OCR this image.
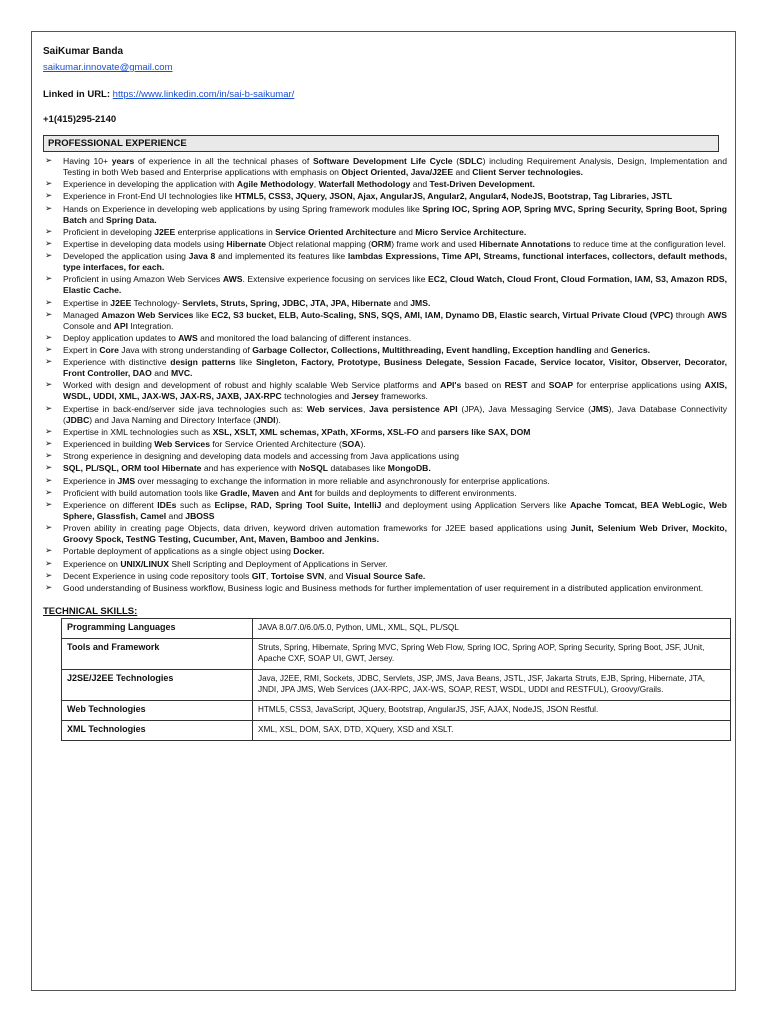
SaiKumar Banda

saikumar.innovate@gmail.com

Linked in URL: https://www.linkedin.com/in/sai-b-saikumar/

+1(415)295-2140

PROFESSIONAL EXPERIENCE
➢ Having 10+ years of experience in all the technical phases of Software Development Life Cycle (SDLC) including Requirement Analysis, Design, Implementation and Testing in both Web based and Enterprise applications with emphasis on Object Oriented, Java/J2EE and Client Server technologies.
➢ Experience in developing the application with Agile Methodology, Waterfall Methodology and Test-Driven Development.
➢ Experience in Front-End UI technologies like HTML5, CSS3, JQuery, JSON, Ajax, AngularJS, Angular2, Angular4, NodeJS, Bootstrap, Tag Libraries, JSTL
➢ Hands on Experience in developing web applications by using Spring framework modules like Spring IOC, Spring AOP, Spring MVC, Spring Security, Spring Boot, Spring Batch and Spring Data.
➢ Proficient in developing J2EE enterprise applications in Service Oriented Architecture and Micro Service Architecture.
➢ Expertise in developing data models using Hibernate Object relational mapping (ORM) frame work and used Hibernate Annotations to reduce time at the configuration level.
➢ Developed the application using Java 8 and implemented its features like lambdas Expressions, Time API, Streams, functional interfaces, collectors, default methods, type interfaces, for each.
➢ Proficient in using Amazon Web Services AWS. Extensive experience focusing on services like EC2, Cloud Watch, Cloud Front, Cloud Formation, IAM, S3, Amazon RDS, Elastic Cache.
➢ Expertise in J2EE Technology- Servlets, Struts, Spring, JDBC, JTA, JPA, Hibernate and JMS.
➢ Managed Amazon Web Services like EC2, S3 bucket, ELB, Auto-Scaling, SNS, SQS, AMI, IAM, Dynamo DB, Elastic search, Virtual Private Cloud (VPC) through AWS Console and API Integration.
➢ Deploy application updates to AWS and monitored the load balancing of different instances.
➢ Expert in Core Java with strong understanding of Garbage Collector, Collections, Multithreading, Event handling, Exception handling and Generics.
➢ Experience with distinctive design patterns like Singleton, Factory, Prototype, Business Delegate, Session Facade, Service locator, Visitor, Observer, Decorator, Front Controller, DAO and MVC.
➢ Worked with design and development of robust and highly scalable Web Service platforms and API's based on REST and SOAP for enterprise applications using AXIS, WSDL, UDDI, XML, JAX-WS, JAX-RS, JAXB, JAX-RPC technologies and Jersey frameworks.
➢ Expertise in back-end/server side java technologies such as: Web services, Java persistence API (JPA), Java Messaging Service (JMS), Java Database Connectivity (JDBC) and Java Naming and Directory Interface (JNDI).
➢ Expertise in XML technologies such as XSL, XSLT, XML schemas, XPath, XForms, XSL-FO and parsers like SAX, DOM
➢ Experienced in building Web Services for Service Oriented Architecture (SOA).
➢ Strong experience in designing and developing data models and accessing from Java applications using
➢ SQL, PL/SQL, ORM tool Hibernate and has experience with NoSQL databases like MongoDB.
➢ Experience in JMS over messaging to exchange the information in more reliable and asynchronously for enterprise applications.
➢ Proficient with build automation tools like Gradle, Maven and Ant for builds and deployments to different environments.
➢ Experience on different IDEs such as Eclipse, RAD, Spring Tool Suite, IntelliJ and deployment using Application Servers like Apache Tomcat, BEA WebLogic, Web Sphere, Glassfish, Camel and JBOSS
➢ Proven ability in creating page Objects, data driven, keyword driven automation frameworks for J2EE based applications using Junit, Selenium Web Driver, Mockito, Groovy Spock, TestNG Testing, Cucumber, Ant, Maven, Bamboo and Jenkins.
➢ Portable deployment of applications as a single object using Docker.
➢ Experience on UNIX/LINUX Shell Scripting and Deployment of Applications in Server.
➢ Decent Experience in using code repository tools GIT, Tortoise SVN, and Visual Source Safe.
➢ Good understanding of Business workflow, Business logic and Business methods for further implementation of user requirement in a distributed application environment.
TECHNICAL SKILLS:
Programming Languages	JAVA 8.0/7.0/6.0/5.0, Python, UML, XML, SQL, PL/SQL
Tools and Framework	Struts, Spring, Hibernate, Spring MVC, Spring Web Flow, Spring IOC, Spring AOP, Spring Security, Spring Boot, JSF, JUnit, Apache CXF, SOAP UI, GWT, Jersey.
J2SE/J2EE Technologies	Java, J2EE, RMI, Sockets, JDBC, Servlets, JSP, JMS, Java Beans, JSTL, JSF, Jakarta Struts, EJB, Spring, Hibernate, JTA, JNDI, JPA JMS, Web Services (JAX-RPC, JAX-WS, SOAP, REST, WSDL, UDDI and RESTFUL), Groovy/Grails.
Web Technologies	HTML5, CSS3, JavaScript, JQuery, Bootstrap, AngularJS, JSF, AJAX, NodeJS, JSON Restful.
XML Technologies	XML, XSL, DOM, SAX, DTD, XQuery, XSD and XSLT.
